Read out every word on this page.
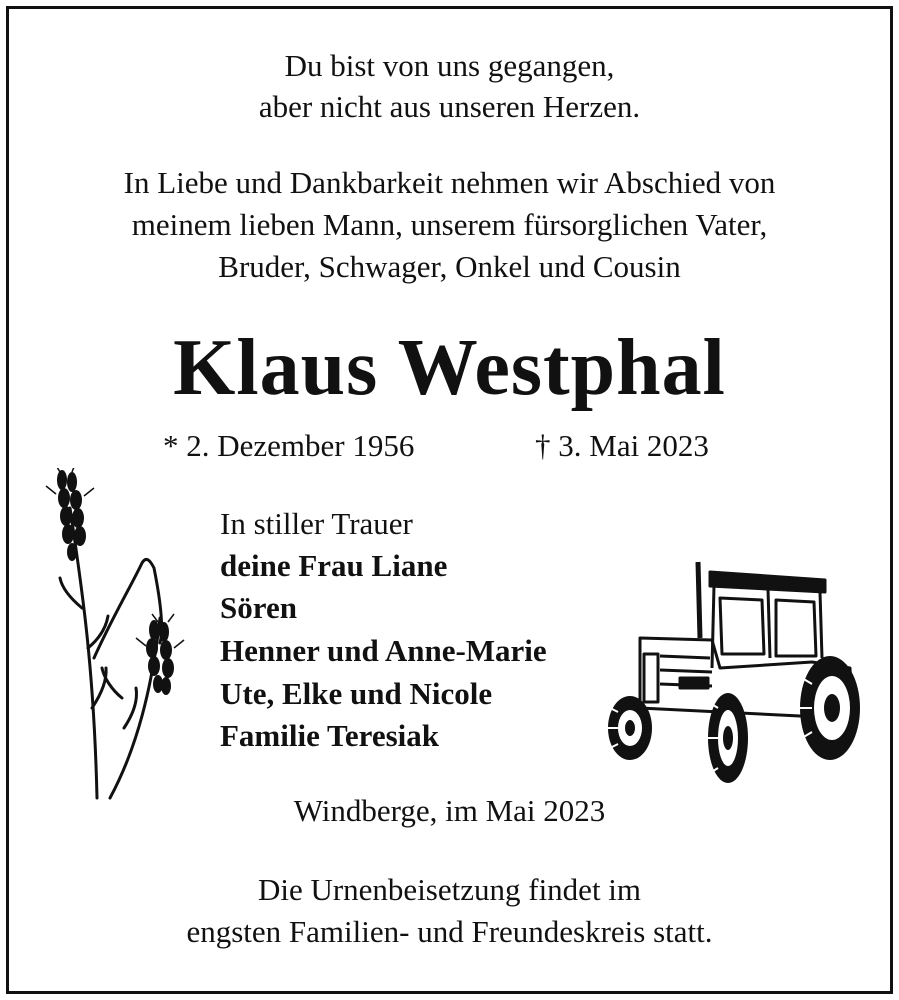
Du bist von uns gegangen,
aber nicht aus unseren Herzen.
In Liebe und Dankbarkeit nehmen wir Abschied von
meinem lieben Mann, unserem fürsorglichen Vater,
Bruder, Schwager, Onkel und Cousin
Klaus Westphal
* 2. Dezember 1956	† 3. Mai 2023
In stiller Trauer
deine Frau Liane
Sören
Henner und Anne-Marie
Ute, Elke und Nicole
Familie Teresiak
Windberge, im Mai 2023
Die Urnenbeisetzung findet im
engsten Familien- und Freundeskreis statt.
